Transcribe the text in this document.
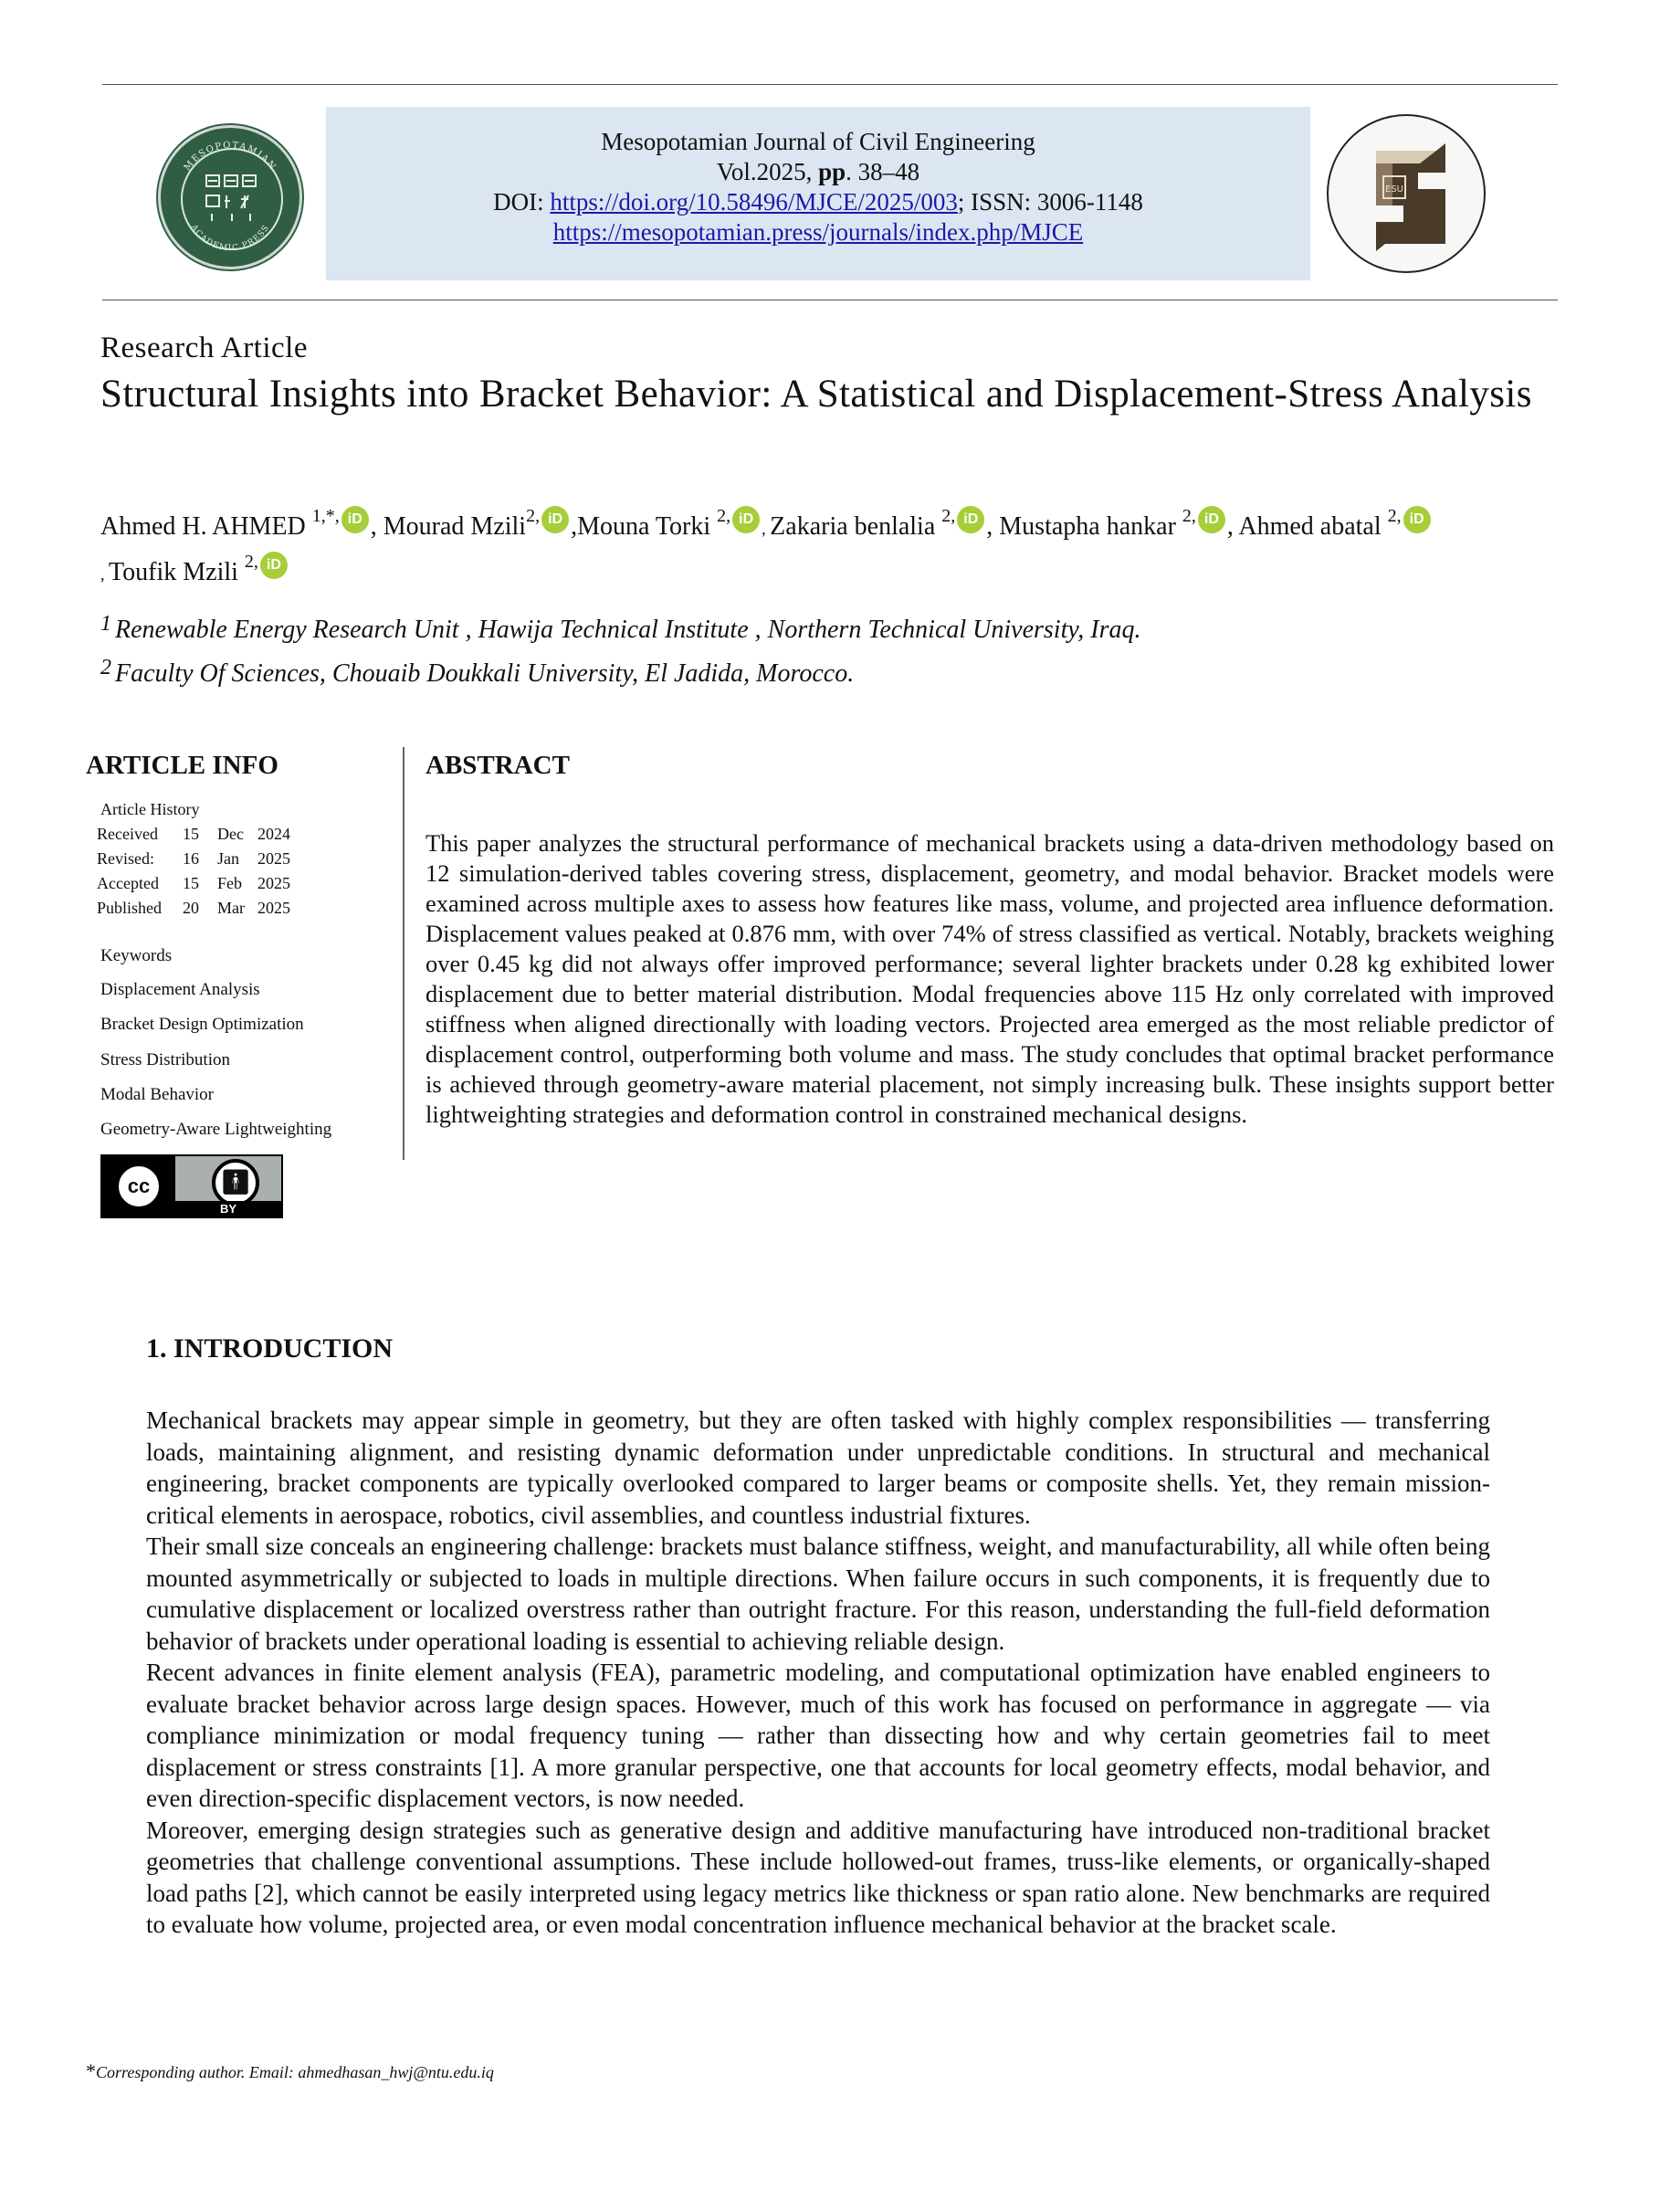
MESOPOTAMIAN
ACADEMIC PRESS
Mesopotamian Journal of Civil Engineering
Vol.2025, pp. 38–48
DOI: https://doi.org/10.58496/MJCE/2025/003; ISSN: 3006-1148
https://mesopotamian.press/journals/index.php/MJCE
ESU
Research Article
Structural Insights into Bracket Behavior: A Statistical and Displacement-Stress Analysis
Ahmed H. AHMED $^{1,*,}$ iD , Mourad Mzili$^{2,}$ iD ,Mouna Torki $^{2,}$ iD, Zakaria benlalia $^{2,}$ iD , Mustapha hankar $^{2,}$ iD , Ahmed abatal $^{2,}$ iD
, Toufik Mzili $^{2,}$ iD
1 Renewable Energy Research Unit , Hawija Technical Institute , Northern Technical University, Iraq.
2 Faculty Of Sciences, Chouaib Doukkali University, El Jadida, Morocco.
ARTICLE INFO
Article History
Received 15 Dec 2024
Revised: 16 Jan 2025
Accepted 15 Feb 2025
Published 20 Mar 2025
Keywords
Displacement Analysis
Bracket Design Optimization
Stress Distribution
Modal Behavior
Geometry-Aware Lightweighting
cc	🚹︎
BY
ABSTRACT
This paper analyzes the structural performance of mechanical brackets using a data-driven methodology based on 12 simulation-derived tables covering stress, displacement, geometry, and modal behavior. Bracket models were examined across multiple axes to assess how features like mass, volume, and projected area influence deformation. Displacement values peaked at 0.876 mm, with over 74% of stress classified as vertical. Notably, brackets weighing over 0.45 kg did not always offer improved performance; several lighter brackets under 0.28 kg exhibited lower displacement due to better material distribution. Modal frequencies above 115 Hz only correlated with improved stiffness when aligned directionally with loading vectors. Projected area emerged as the most reliable predictor of displacement control, outperforming both volume and mass. The study concludes that optimal bracket performance is achieved through geometry-aware material placement, not simply increasing bulk. These insights support better lightweighting strategies and deformation control in constrained mechanical designs.
1. INTRODUCTION

Mechanical brackets may appear simple in geometry, but they are often tasked with highly complex responsibilities — transferring loads, maintaining alignment, and resisting dynamic deformation under unpredictable conditions. In structural and mechanical engineering, bracket components are typically overlooked compared to larger beams or composite shells. Yet, they remain mission-critical elements in aerospace, robotics, civil assemblies, and countless industrial fixtures.

Their small size conceals an engineering challenge: brackets must balance stiffness, weight, and manufacturability, all while often being mounted asymmetrically or subjected to loads in multiple directions. When failure occurs in such components, it is frequently due to cumulative displacement or localized overstress rather than outright fracture. For this reason, understanding the full-field deformation behavior of brackets under operational loading is essential to achieving reliable design.

Recent advances in finite element analysis (FEA), parametric modeling, and computational optimization have enabled engineers to evaluate bracket behavior across large design spaces. However, much of this work has focused on performance in aggregate — via compliance minimization or modal frequency tuning — rather than dissecting how and why certain geometries fail to meet displacement or stress constraints [1]. A more granular perspective, one that accounts for local geometry effects, modal behavior, and even direction-specific displacement vectors, is now needed.

Moreover, emerging design strategies such as generative design and additive manufacturing have introduced non-traditional bracket geometries that challenge conventional assumptions. These include hollowed-out frames, truss-like elements, or organically-shaped load paths [2], which cannot be easily interpreted using legacy metrics like thickness or span ratio alone. New benchmarks are required to evaluate how volume, projected area, or even modal concentration influence mechanical behavior at the bracket scale.

*Corresponding author. Email: ahmedhasan_hwj@ntu.edu.iq
